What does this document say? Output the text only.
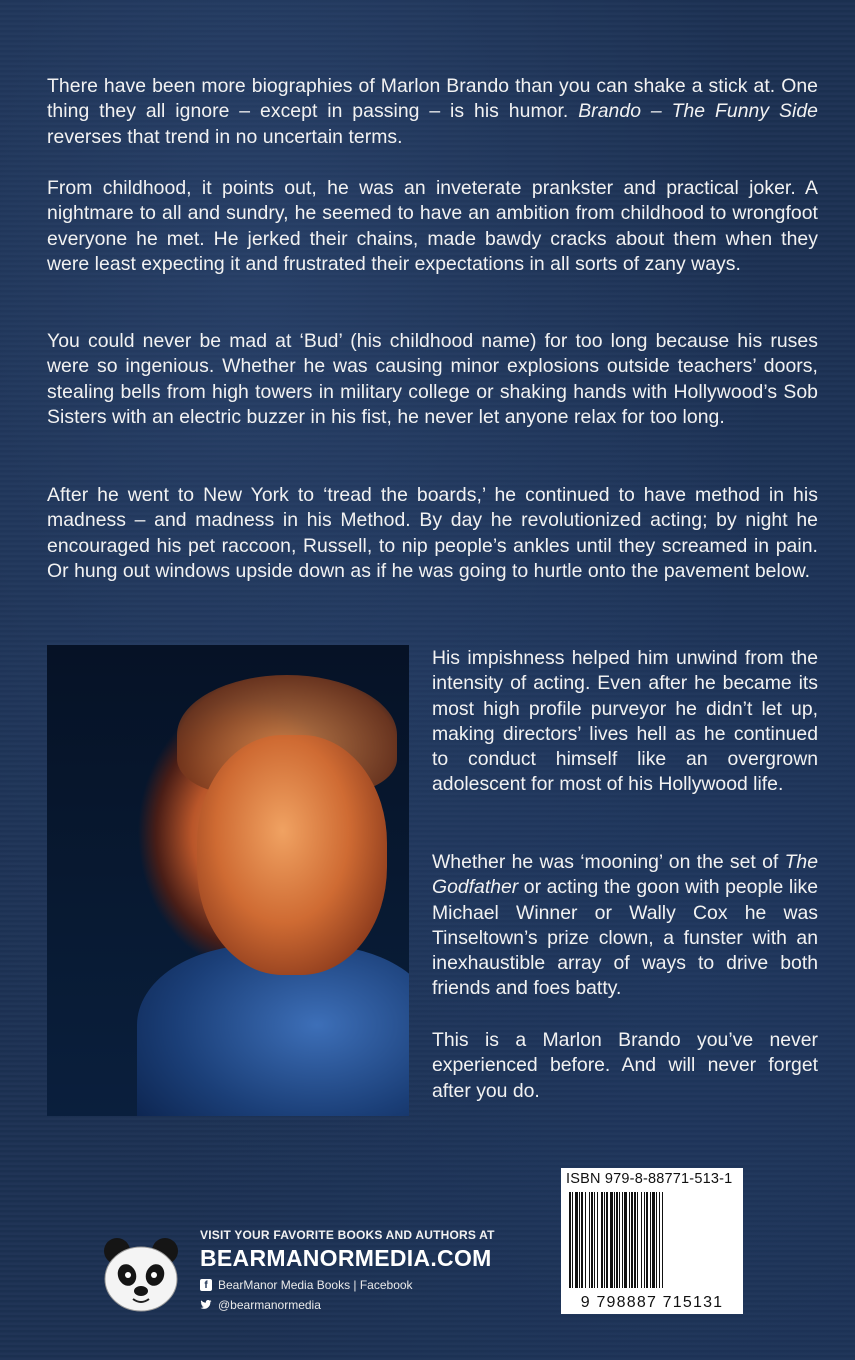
There have been more biographies of Marlon Brando than you can shake a stick at. One thing they all ignore – except in passing – is his humor. Brando – The Funny Side reverses that trend in no uncertain terms.

From childhood, it points out, he was an inveterate prankster and practical joker. A nightmare to all and sundry, he seemed to have an ambition from childhood to wrongfoot everyone he met. He jerked their chains, made bawdy cracks about them when they were least expecting it and frustrated their expectations in all sorts of zany ways.

You could never be mad at ‘Bud’ (his childhood name) for too long because his ruses were so ingenious. Whether he was causing minor explosions outside teachers’ doors, stealing bells from high towers in military college or shaking hands with Hollywood’s Sob Sisters with an electric buzzer in his fist, he never let anyone relax for too long.

After he went to New York to ‘tread the boards,’ he continued to have method in his madness – and madness in his Method. By day he revolutionized acting; by night he encouraged his pet raccoon, Russell, to nip people’s ankles until they screamed in pain. Or hung out windows upside down as if he was going to hurtle onto the pavement below.

His impishness helped him unwind from the intensity of acting. Even after he became its most high profile purveyor he didn’t let up, making directors’ lives hell as he continued to conduct himself like an overgrown adolescent for most of his Hollywood life.

Whether he was ‘mooning’ on the set of The Godfather or acting the goon with people like Michael Winner or Wally Cox he was Tinseltown’s prize clown, a funster with an inexhaustible array of ways to drive both friends and foes batty.

This is a Marlon Brando you’ve never experienced before. And will never forget after you do.

VISIT YOUR FAVORITE BOOKS AND AUTHORS AT
BEARMANORMEDIA.COM
f BearManor Media Books | Facebook
@bearmanormedia
ISBN 979-8-88771-513-1
9 798887 715131
